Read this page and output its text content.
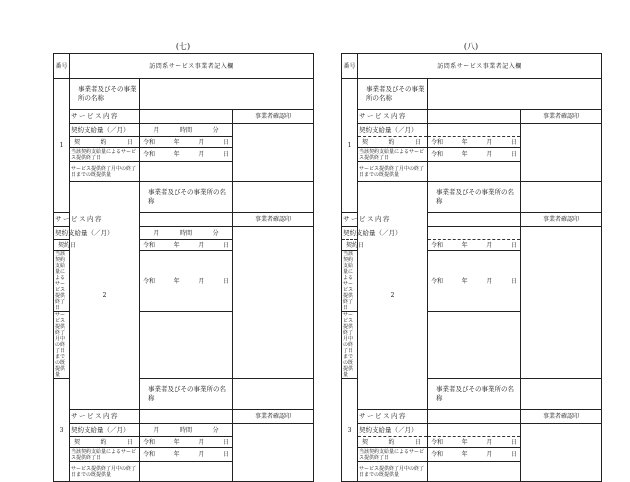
(七)
番号	訪問系サービス事業者記入欄		
1	事業者及びその事業所の名称		
	サービス内容		事業者確認印
	契約支給量（／月）	月 時間 分	

	契約日	令和 年 月 日	

	当該契約支給量によるサービス提供終了日	令和 年 月 日	

	サービス提供終了月中の終了日までの既提供量		
	2	事業者及びその事業所の名称	
サービス内容			事業者確認印
契約支給量（／月）		月 時間 分	

契約日		令和 年 月 日	

当該契約支給量によるサービス提供終了日		令和 年 月 日	

サービス提供終了月中の終了日までの既提供量			
3		事業者及びその事業所の名称	
	サービス内容		事業者確認印
	契約支給量（／月）	月 時間 分	

	契約日	令和 年 月 日	

	当該契約支給量によるサービス提供終了日	令和 年 月 日	

	サービス提供終了月中の終了日までの既提供量		
(八)
番号	訪問系サービス事業者記入欄		
1	事業者及びその事業所の名称		
	サービス内容		事業者確認印
	契約支給量（／月）		
	契約日	令和 年 月 日	

	当該契約支給量によるサービス提供終了日	令和 年 月 日	

	サービス提供終了月中の終了日までの既提供量		
	2	事業者及びその事業所の名称	
サービス内容			事業者確認印
契約支給量（／月）			
契約日		令和 年 月 日	

当該契約支給量によるサービス提供終了日		令和 年 月 日	

サービス提供終了月中の終了日までの既提供量			
3		事業者及びその事業所の名称	
	サービス内容		事業者確認印
	契約支給量（／月）		
	契約日	令和 年 月 日	

	当該契約支給量によるサービス提供終了日	令和 年 月 日	

	サービス提供終了月中の終了日までの既提供量		
